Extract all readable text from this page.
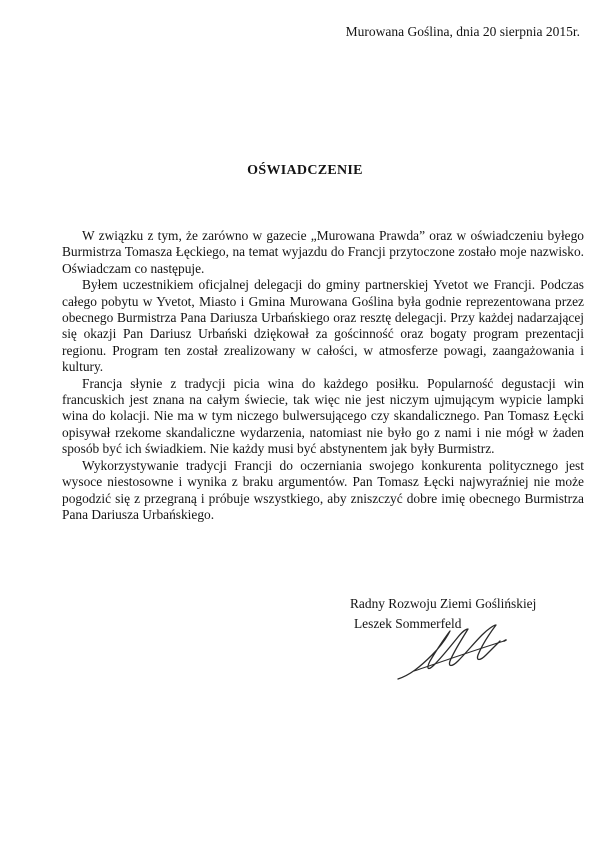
Murowana Goślina, dnia 20 sierpnia 2015r.
OŚWIADCZENIE

W związku z tym, że zarówno w gazecie „Murowana Prawda” oraz w oświadczeniu byłego Burmistrza Tomasza Łęckiego, na temat wyjazdu do Francji przytoczone zostało moje nazwisko. Oświadczam co następuje.

Byłem uczestnikiem oficjalnej delegacji do gminy partnerskiej Yvetot we Francji. Podczas całego pobytu w Yvetot, Miasto i Gmina Murowana Goślina była godnie reprezentowana przez obecnego Burmistrza Pana Dariusza Urbańskiego oraz resztę delegacji. Przy każdej nadarzającej się okazji Pan Dariusz Urbański dziękował za gościnność oraz bogaty program prezentacji regionu. Program ten został zrealizowany w całości, w atmosferze powagi, zaangażowania i kultury.

Francja słynie z tradycji picia wina do każdego posiłku. Popularność degustacji win francuskich jest znana na całym świecie, tak więc nie jest niczym ujmującym wypicie lampki wina do kolacji. Nie ma w tym niczego bulwersującego czy skandalicznego. Pan Tomasz Łęcki opisywał rzekome skandaliczne wydarzenia, natomiast nie było go z nami i nie mógł w żaden sposób być ich świadkiem. Nie każdy musi być abstynentem jak były Burmistrz.

Wykorzystywanie tradycji Francji do oczerniania swojego konkurenta politycznego jest wysoce niestosowne i wynika z braku argumentów. Pan Tomasz Łęcki najwyraźniej nie może pogodzić się z przegraną i próbuje wszystkiego, aby zniszczyć dobre imię obecnego Burmistrza Pana Dariusza Urbańskiego.

Radny Rozwoju Ziemi Goślińskiej
Leszek Sommerfeld
